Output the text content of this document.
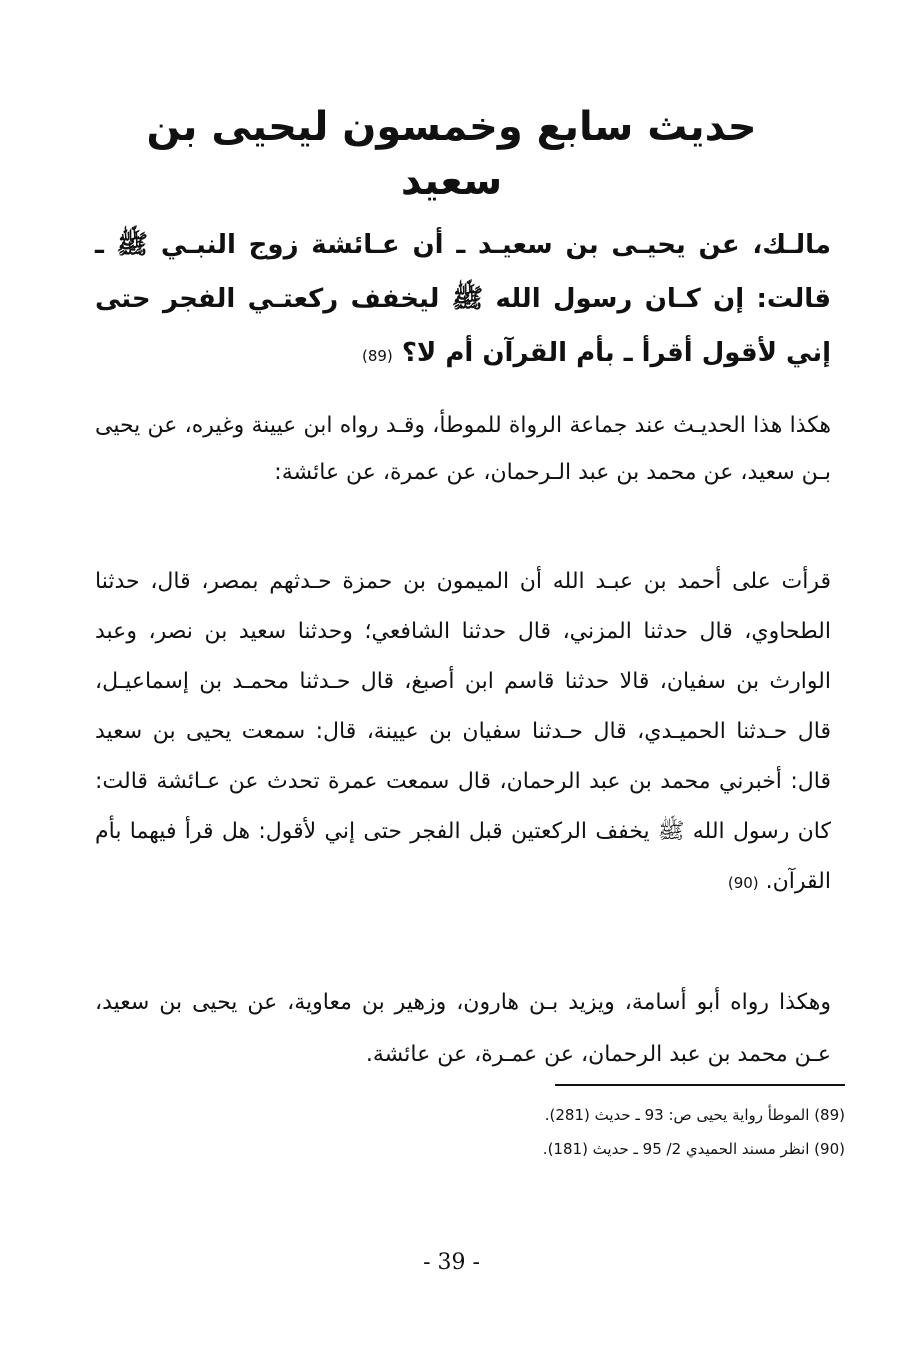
حديث سابع وخمسون ليحيى بن سعيد

مالـك، عن يحيـى بن سعيـد ـ أن عـائشة زوج النبـي ﷺ ـ قالت: إن كـان رسول الله ﷺ ليخفف ركعتـي الفجر حتى إني لأقول أقرأ ـ بأم القرآن أم لا؟ (89)

هكذا هذا الحديـث عند جماعة الرواة للموطأ، وقـد رواه ابن عيينة وغيره، عن يحيى بـن سعيد، عن محمد بن عبد الـرحمان، عن عمرة، عن عائشة:

قرأت على أحمد بن عبـد الله أن الميمون بن حمزة حـدثهم بمصر، قال، حدثنا الطحاوي، قال حدثنا المزني، قال حدثنا الشافعي؛ وحدثنا سعيد بن نصر، وعبد الوارث بن سفيان، قالا حدثنا قاسم ابن أصبغ، قال حـدثنا محمـد بن إسماعيـل، قال حـدثنا الحميـدي، قال حـدثنا سفيان بن عيينة، قال: سمعت يحيى بن سعيد قال: أخبرني محمد بن عبد الرحمان، قال سمعت عمرة تحدث عن عـائشة قالت: كان رسول الله ﷺ يخفف الركعتين قبل الفجر حتى إني لأقول: هل قرأ فيهما بأم القرآن. (90)

وهكذا رواه أبو أسامة، ويزيد بـن هارون، وزهير بن معاوية، عن يحيى بن سعيد، عـن محمد بن عبد الرحمان، عن عمـرة، عن عائشة.

(89) الموطأ رواية يحيى ص: 93 ـ حديث (281).
(90) انظر مسند الحميدي 2/ 95 ـ حديث (181).
- 39 -
